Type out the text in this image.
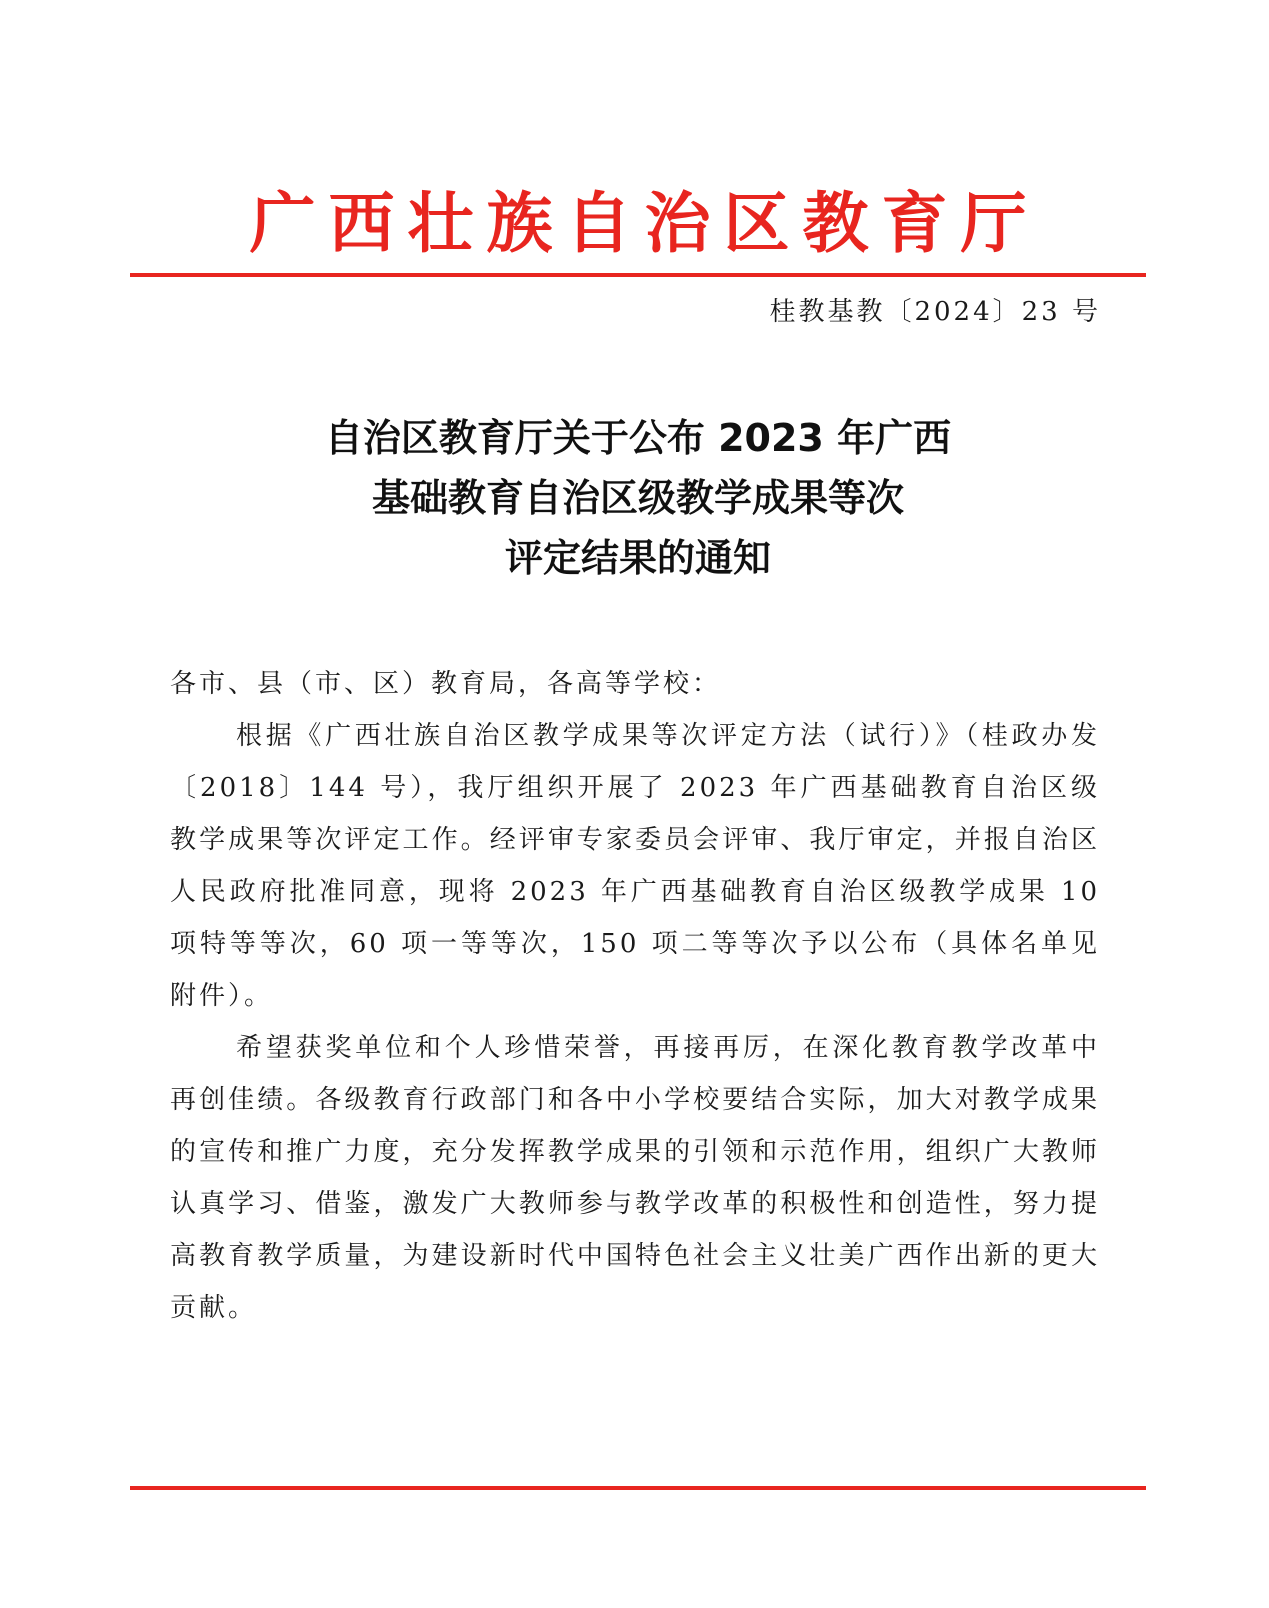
广西壮族自治区教育厅
桂教基教〔2024〕23 号
自治区教育厅关于公布 2023 年广西
基础教育自治区级教学成果等次
评定结果的通知

各市、县（市、区）教育局，各高等学校：

根据《广西壮族自治区教学成果等次评定方法（试行）》（桂政办发〔2018〕144 号），我厅组织开展了 2023 年广西基础教育自治区级教学成果等次评定工作。经评审专家委员会评审、我厅审定，并报自治区人民政府批准同意，现将 2023 年广西基础教育自治区级教学成果 10 项特等等次，60 项一等等次，150 项二等等次予以公布（具体名单见附件）。

希望获奖单位和个人珍惜荣誉，再接再厉，在深化教育教学改革中再创佳绩。各级教育行政部门和各中小学校要结合实际，加大对教学成果的宣传和推广力度，充分发挥教学成果的引领和示范作用，组织广大教师认真学习、借鉴，激发广大教师参与教学改革的积极性和创造性，努力提高教育教学质量，为建设新时代中国特色社会主义壮美广西作出新的更大贡献。
